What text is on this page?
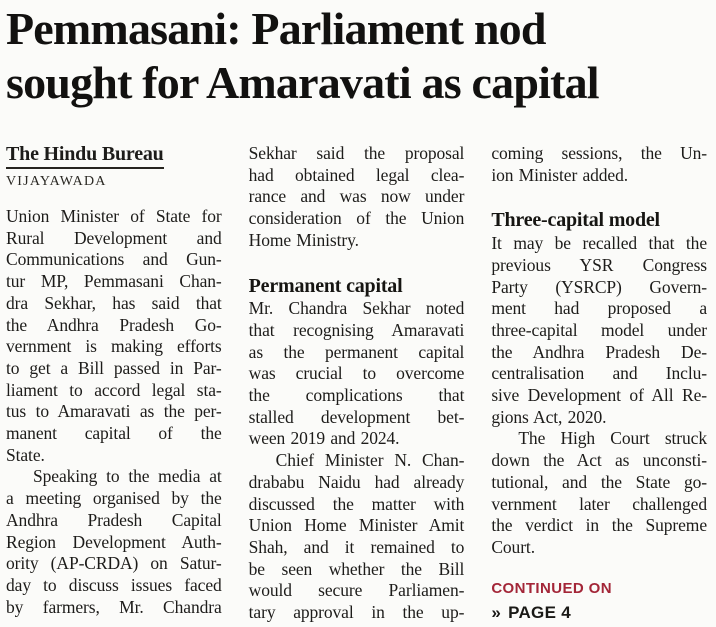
Pemmasani: Parliament nod
sought for Amaravati as capital
The Hindu Bureau
VIJAYAWADA
Union Minister of State for
Rural Development and
Communications and Gun-
tur MP, Pemmasani Chan-
dra Sekhar, has said that
the Andhra Pradesh Go-
vernment is making efforts
to get a Bill passed in Par-
liament to accord legal sta-
tus to Amaravati as the per-
manent capital of the
State.
Speaking to the media at
a meeting organised by the
Andhra Pradesh Capital
Region Development Auth-
ority (AP-CRDA) on Satur-
day to discuss issues faced
by farmers, Mr. Chandra
Sekhar said the proposal
had obtained legal clea-
rance and was now under
consideration of the Union
Home Ministry.
Permanent capital
Mr. Chandra Sekhar noted
that recognising Amaravati
as the permanent capital
was crucial to overcome
the complications that
stalled development bet-
ween 2019 and 2024.
Chief Minister N. Chan-
drababu Naidu had already
discussed the matter with
Union Home Minister Amit
Shah, and it remained to
be seen whether the Bill
would secure Parliamen-
tary approval in the up-
coming sessions, the Un-
ion Minister added.
Three-capital model
It may be recalled that the
previous YSR Congress
Party (YSRCP) Govern-
ment had proposed a
three-capital model under
the Andhra Pradesh De-
centralisation and Inclu-
sive Development of All Re-
gions Act, 2020.
The High Court struck
down the Act as unconsti-
tutional, and the State go-
vernment later challenged
the verdict in the Supreme
Court.
CONTINUED ON
» PAGE 4
